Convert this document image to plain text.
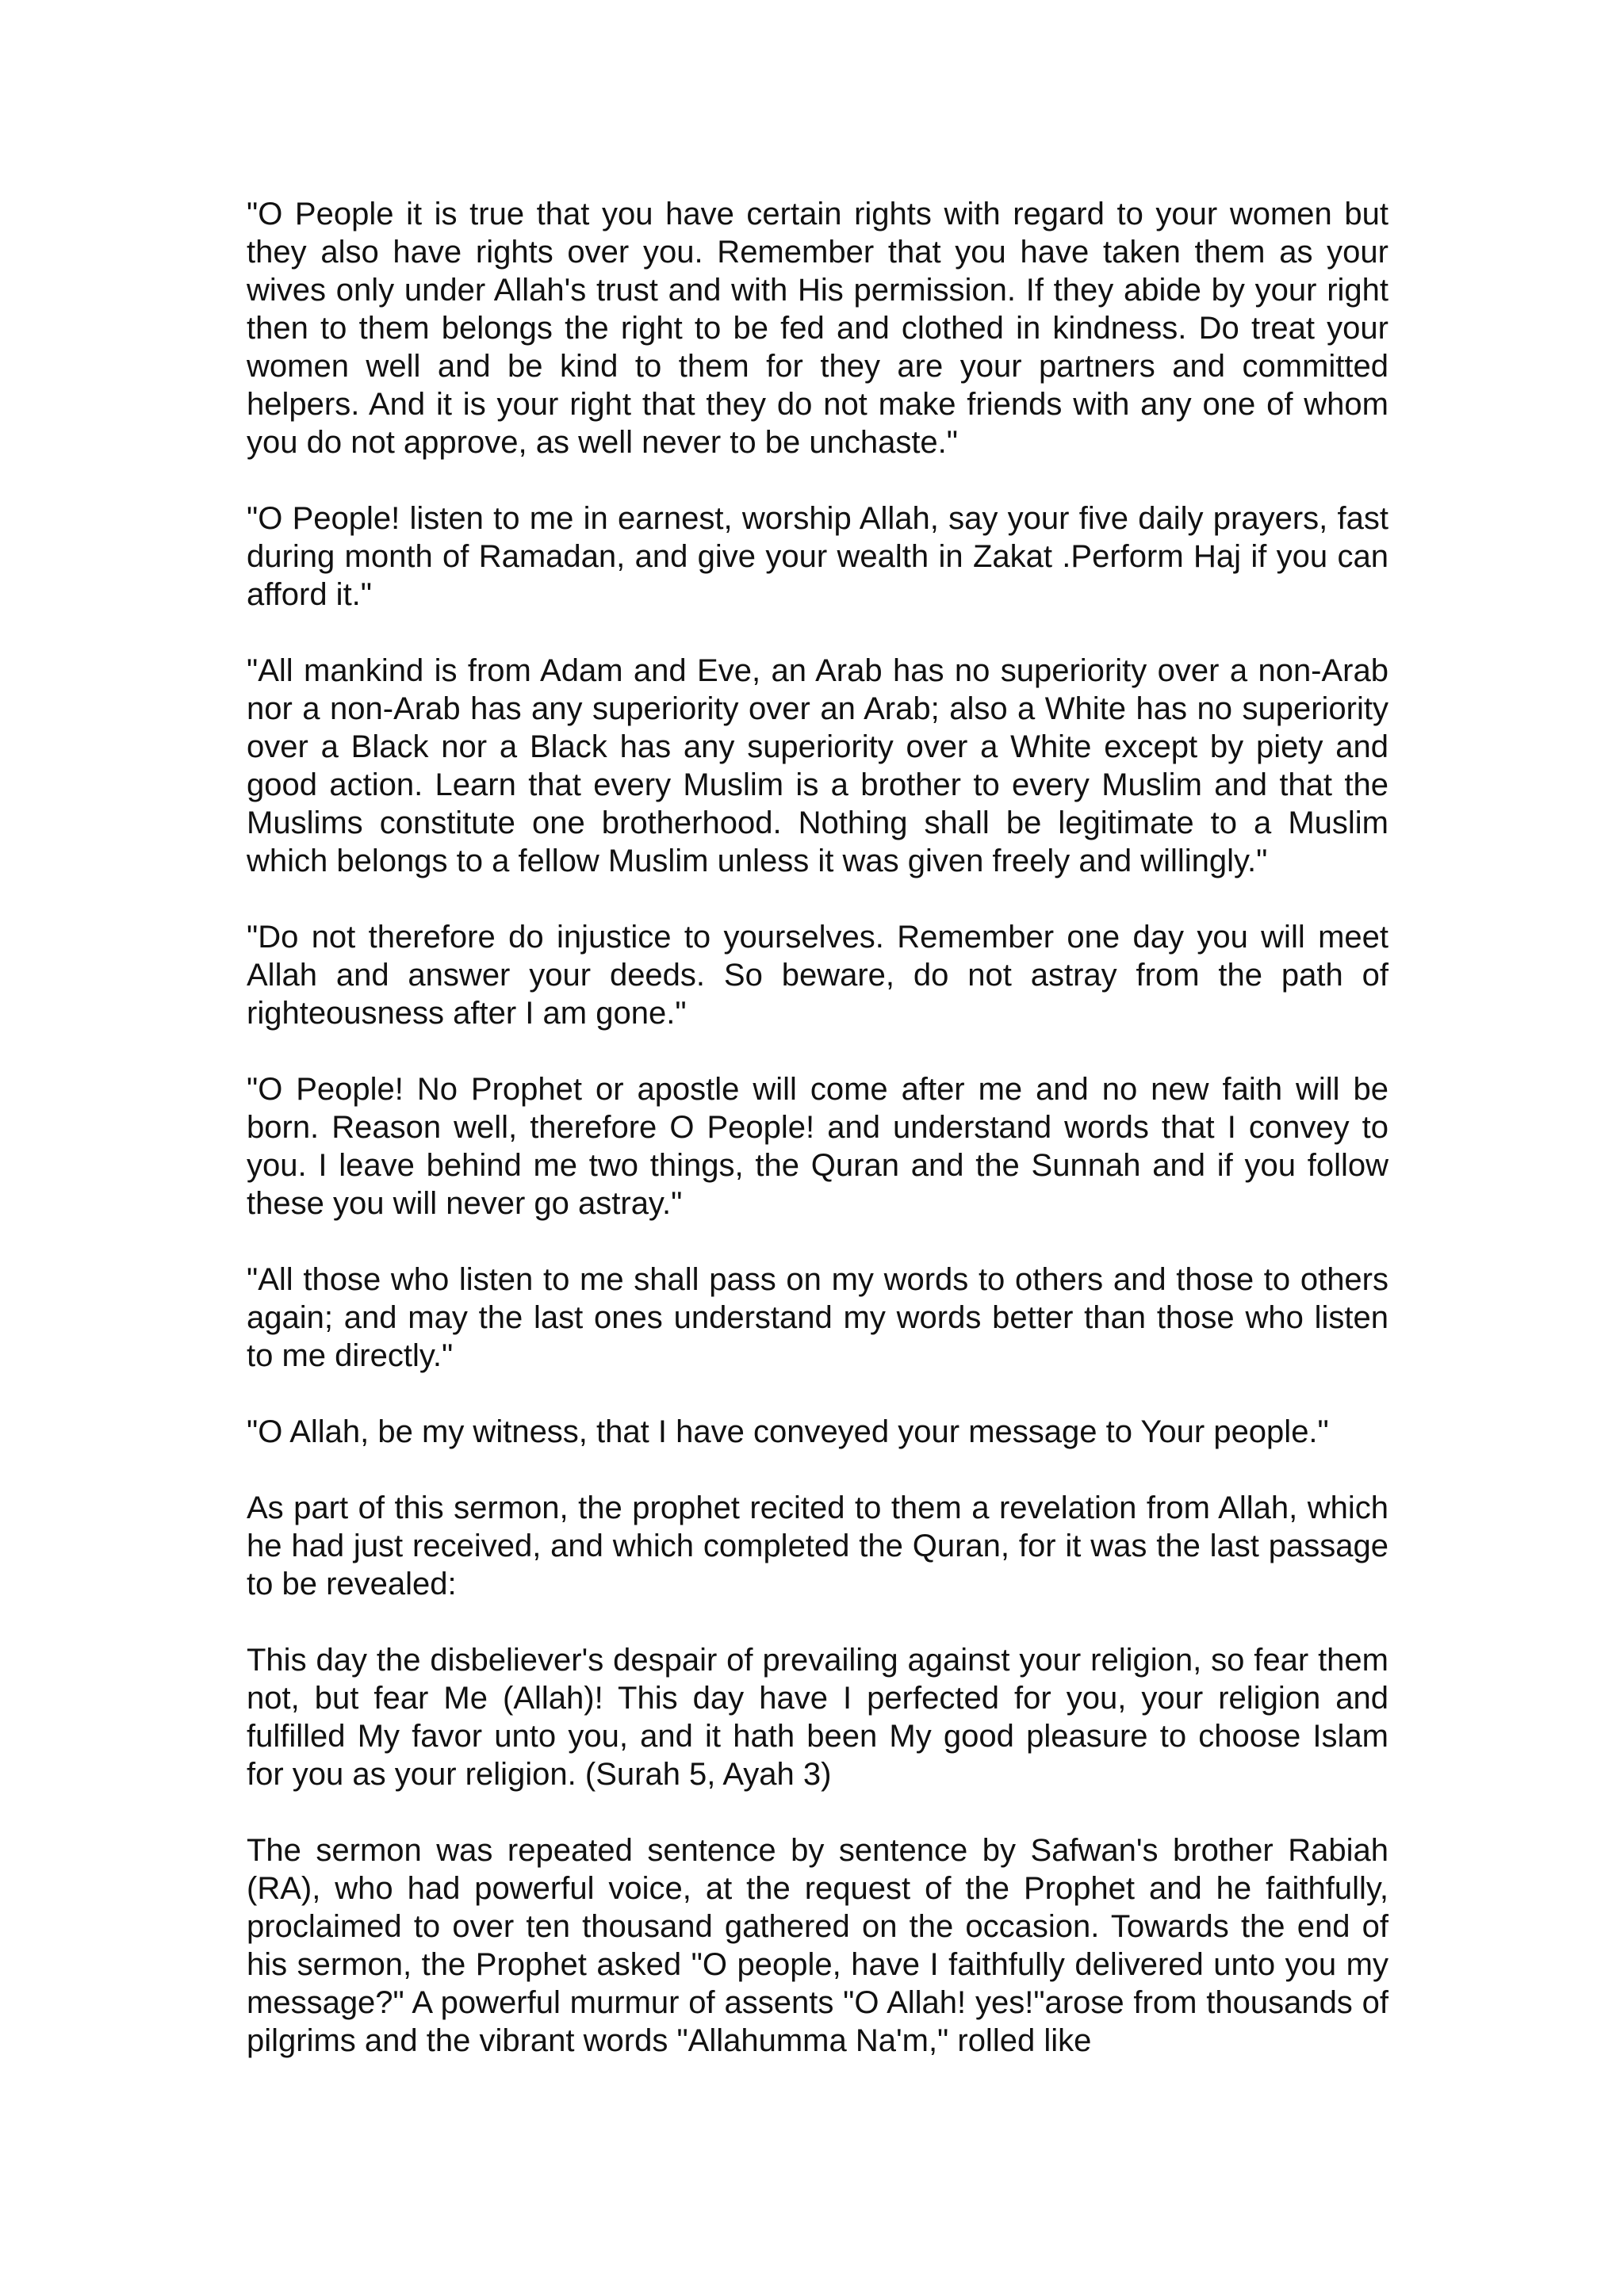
"O People it is true that you have certain rights with regard to your women but they also have rights over you. Remember that you have taken them as your wives only under Allah's trust and with His permission. If they abide by your right then to them belongs the right to be fed and clothed in kindness. Do treat your women well and be kind to them for they are your partners and committed helpers. And it is your right that they do not make friends with any one of whom you do not approve, as well never to be unchaste."

"O People! listen to me in earnest, worship Allah, say your five daily prayers, fast during month of Ramadan, and give your wealth in Zakat .Perform Haj if you can afford it."

"All mankind is from Adam and Eve, an Arab has no superiority over a non-Arab nor a non-Arab has any superiority over an Arab; also a White has no superiority over a Black nor a Black has any superiority over a White except by piety and good action. Learn that every Muslim is a brother to every Muslim and that the Muslims constitute one brotherhood. Nothing shall be legitimate to a Muslim which belongs to a fellow Muslim unless it was given freely and willingly."

"Do not therefore do injustice to yourselves. Remember one day you will meet Allah and answer your deeds. So beware, do not astray from the path of righteousness after I am gone."

"O People! No Prophet or apostle will come after me and no new faith will be born. Reason well, therefore O People! and understand words that I convey to you. I leave behind me two things, the Quran and the Sunnah and if you follow these you will never go astray."

"All those who listen to me shall pass on my words to others and those to others again; and may the last ones understand my words better than those who listen to me directly."

"O Allah, be my witness, that I have conveyed your message to Your people."

As part of this sermon, the prophet recited to them a revelation from Allah, which he had just received, and which completed the Quran, for it was the last passage to be revealed:

This day the disbeliever's despair of prevailing against your religion, so fear them not, but fear Me (Allah)! This day have I perfected for you, your religion and fulfilled My favor unto you, and it hath been My good pleasure to choose Islam for you as your religion. (Surah 5, Ayah 3)

The sermon was repeated sentence by sentence by Safwan's brother Rabiah (RA), who had powerful voice, at the request of the Prophet and he faithfully, proclaimed to over ten thousand gathered on the occasion. Towards the end of his sermon, the Prophet asked "O people, have I faithfully delivered unto you my message?" A powerful murmur of assents "O Allah! yes!"arose from thousands of pilgrims and the vibrant words "Allahumma Na'm," rolled like
